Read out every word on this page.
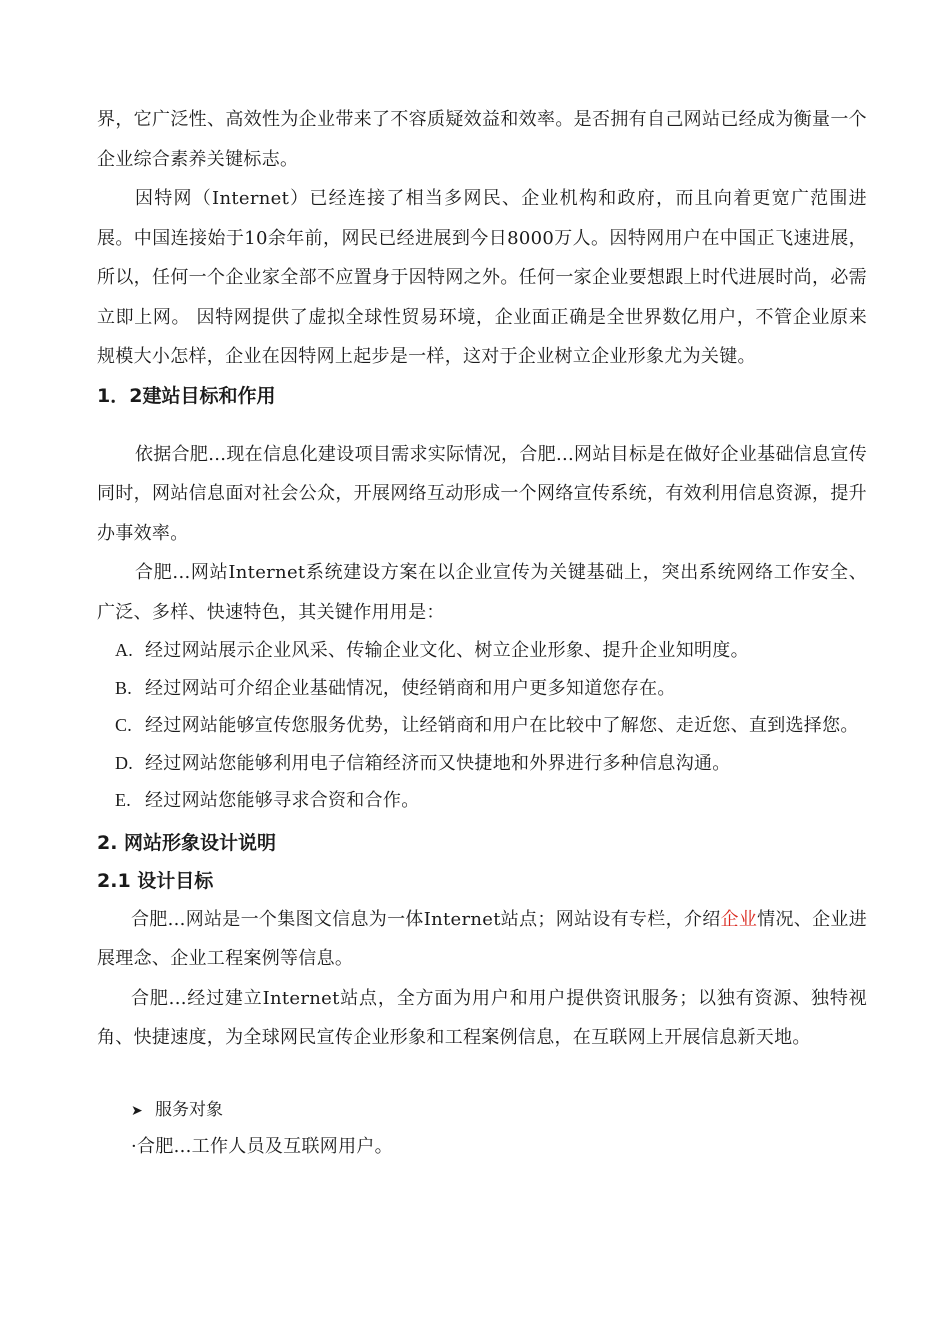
界，它广泛性、高效性为企业带来了不容质疑效益和效率。是否拥有自己网站已经成为衡量一个企业综合素养关键标志。

因特网（Internet）已经连接了相当多网民、企业机构和政府，而且向着更宽广范围进展。中国连接始于10余年前，网民已经进展到今日8000万人。因特网用户在中国正飞速进展，所以，任何一个企业家全部不应置身于因特网之外。任何一家企业要想跟上时代进展时尚，必需立即上网。 因特网提供了虚拟全球性贸易环境，企业面正确是全世界数亿用户，不管企业原来规模大小怎样，企业在因特网上起步是一样，这对于企业树立企业形象尤为关键。

1．2建站目标和作用

依据合肥...现在信息化建设项目需求实际情况，合肥...网站目标是在做好企业基础信息宣传同时，网站信息面对社会公众，开展网络互动形成一个网络宣传系统，有效利用信息资源，提升办事效率。

合肥...网站Internet系统建设方案在以企业宣传为关键基础上，突出系统网络工作安全、广泛、多样、快速特色，其关键作用用是：

A. 经过网站展示企业风采、传输企业文化、树立企业形象、提升企业知明度。
B. 经过网站可介绍企业基础情况，使经销商和用户更多知道您存在。
C. 经过网站能够宣传您服务优势，让经销商和用户在比较中了解您、走近您、直到选择您。
D. 经过网站您能够利用电子信箱经济而又快捷地和外界进行多种信息沟通。
E. 经过网站您能够寻求合资和合作。
2. 网站形象设计说明
2.1 设计目标

合肥...网站是一个集图文信息为一体Internet站点；网站设有专栏，介绍企业情况、企业进展理念、企业工程案例等信息。

合肥...经过建立Internet站点，全方面为用户和用户提供资讯服务；以独有资源、独特视角、快捷速度，为全球网民宣传企业形象和工程案例信息，在互联网上开展信息新天地。

➤ 服务对象
·合肥...工作人员及互联网用户。
